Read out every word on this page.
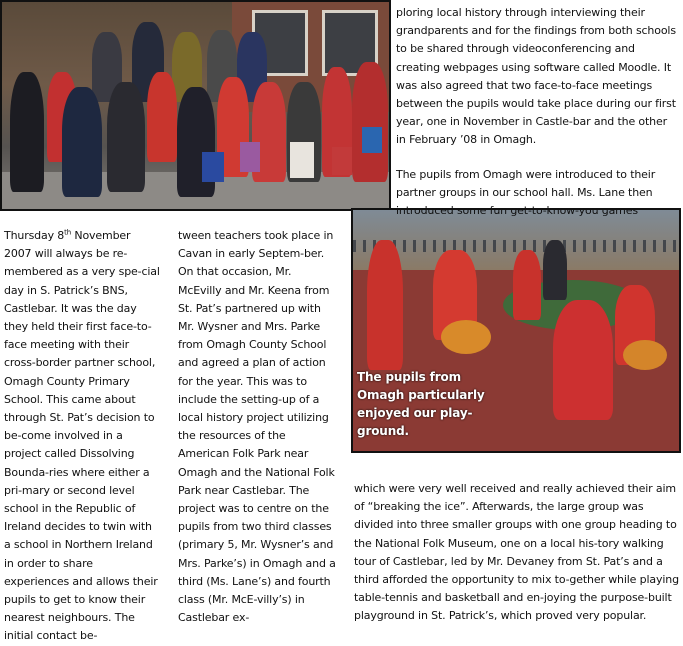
The pupils from Omagh particularly enjoyed our play-ground.

ploring local history through interviewing their grandparents and for the findings from both schools to be shared through videoconferencing and creating webpages using software called Moodle. It was also agreed that two face-to-face meetings between the pupils would take place during our first year, one in November in Castle-bar and the other in February ’08 in Omagh.

The pupils from Omagh were introduced to their partner groups in our school hall. Ms. Lane then introduced some fun get-to-know-you games

Thursday 8th November 2007 will always be re-membered as a very spe-cial day in S. Patrick’s BNS, Castlebar. It was the day they held their first face-to-face meeting with their cross-border partner school, Omagh County Primary School. This came about through St. Pat’s decision to be-come involved in a project called Dissolving Bounda-ries where either a pri-mary or second level school in the Republic of Ireland decides to twin with a school in Northern Ireland in order to share experiences and allows their pupils to get to know their nearest neighbours. The initial contact be-

tween teachers took place in Cavan in early Septem-ber. On that occasion, Mr. McEvilly and Mr. Keena from St. Pat’s partnered up with Mr. Wysner and Mrs. Parke from Omagh County School and agreed a plan of action for the year. This was to include the setting-up of a local history project utilizing the resources of the American Folk Park near Omagh and the National Folk Park near Castlebar. The project was to centre on the pupils from two third classes (primary 5, Mr. Wysner’s and Mrs. Parke’s) in Omagh and a third (Ms. Lane’s) and fourth class (Mr. McE-villy’s) in Castlebar ex-

which were very well received and really achieved their aim of “breaking the ice”. Afterwards, the large group was divided into three smaller groups with one group heading to the National Folk Museum, one on a local his-tory walking tour of Castlebar, led by Mr. Devaney from St. Pat’s and a third afforded the opportunity to mix to-gether while playing table-tennis and basketball and en-joying the purpose-built playground in St. Patrick’s, which proved very popular.
